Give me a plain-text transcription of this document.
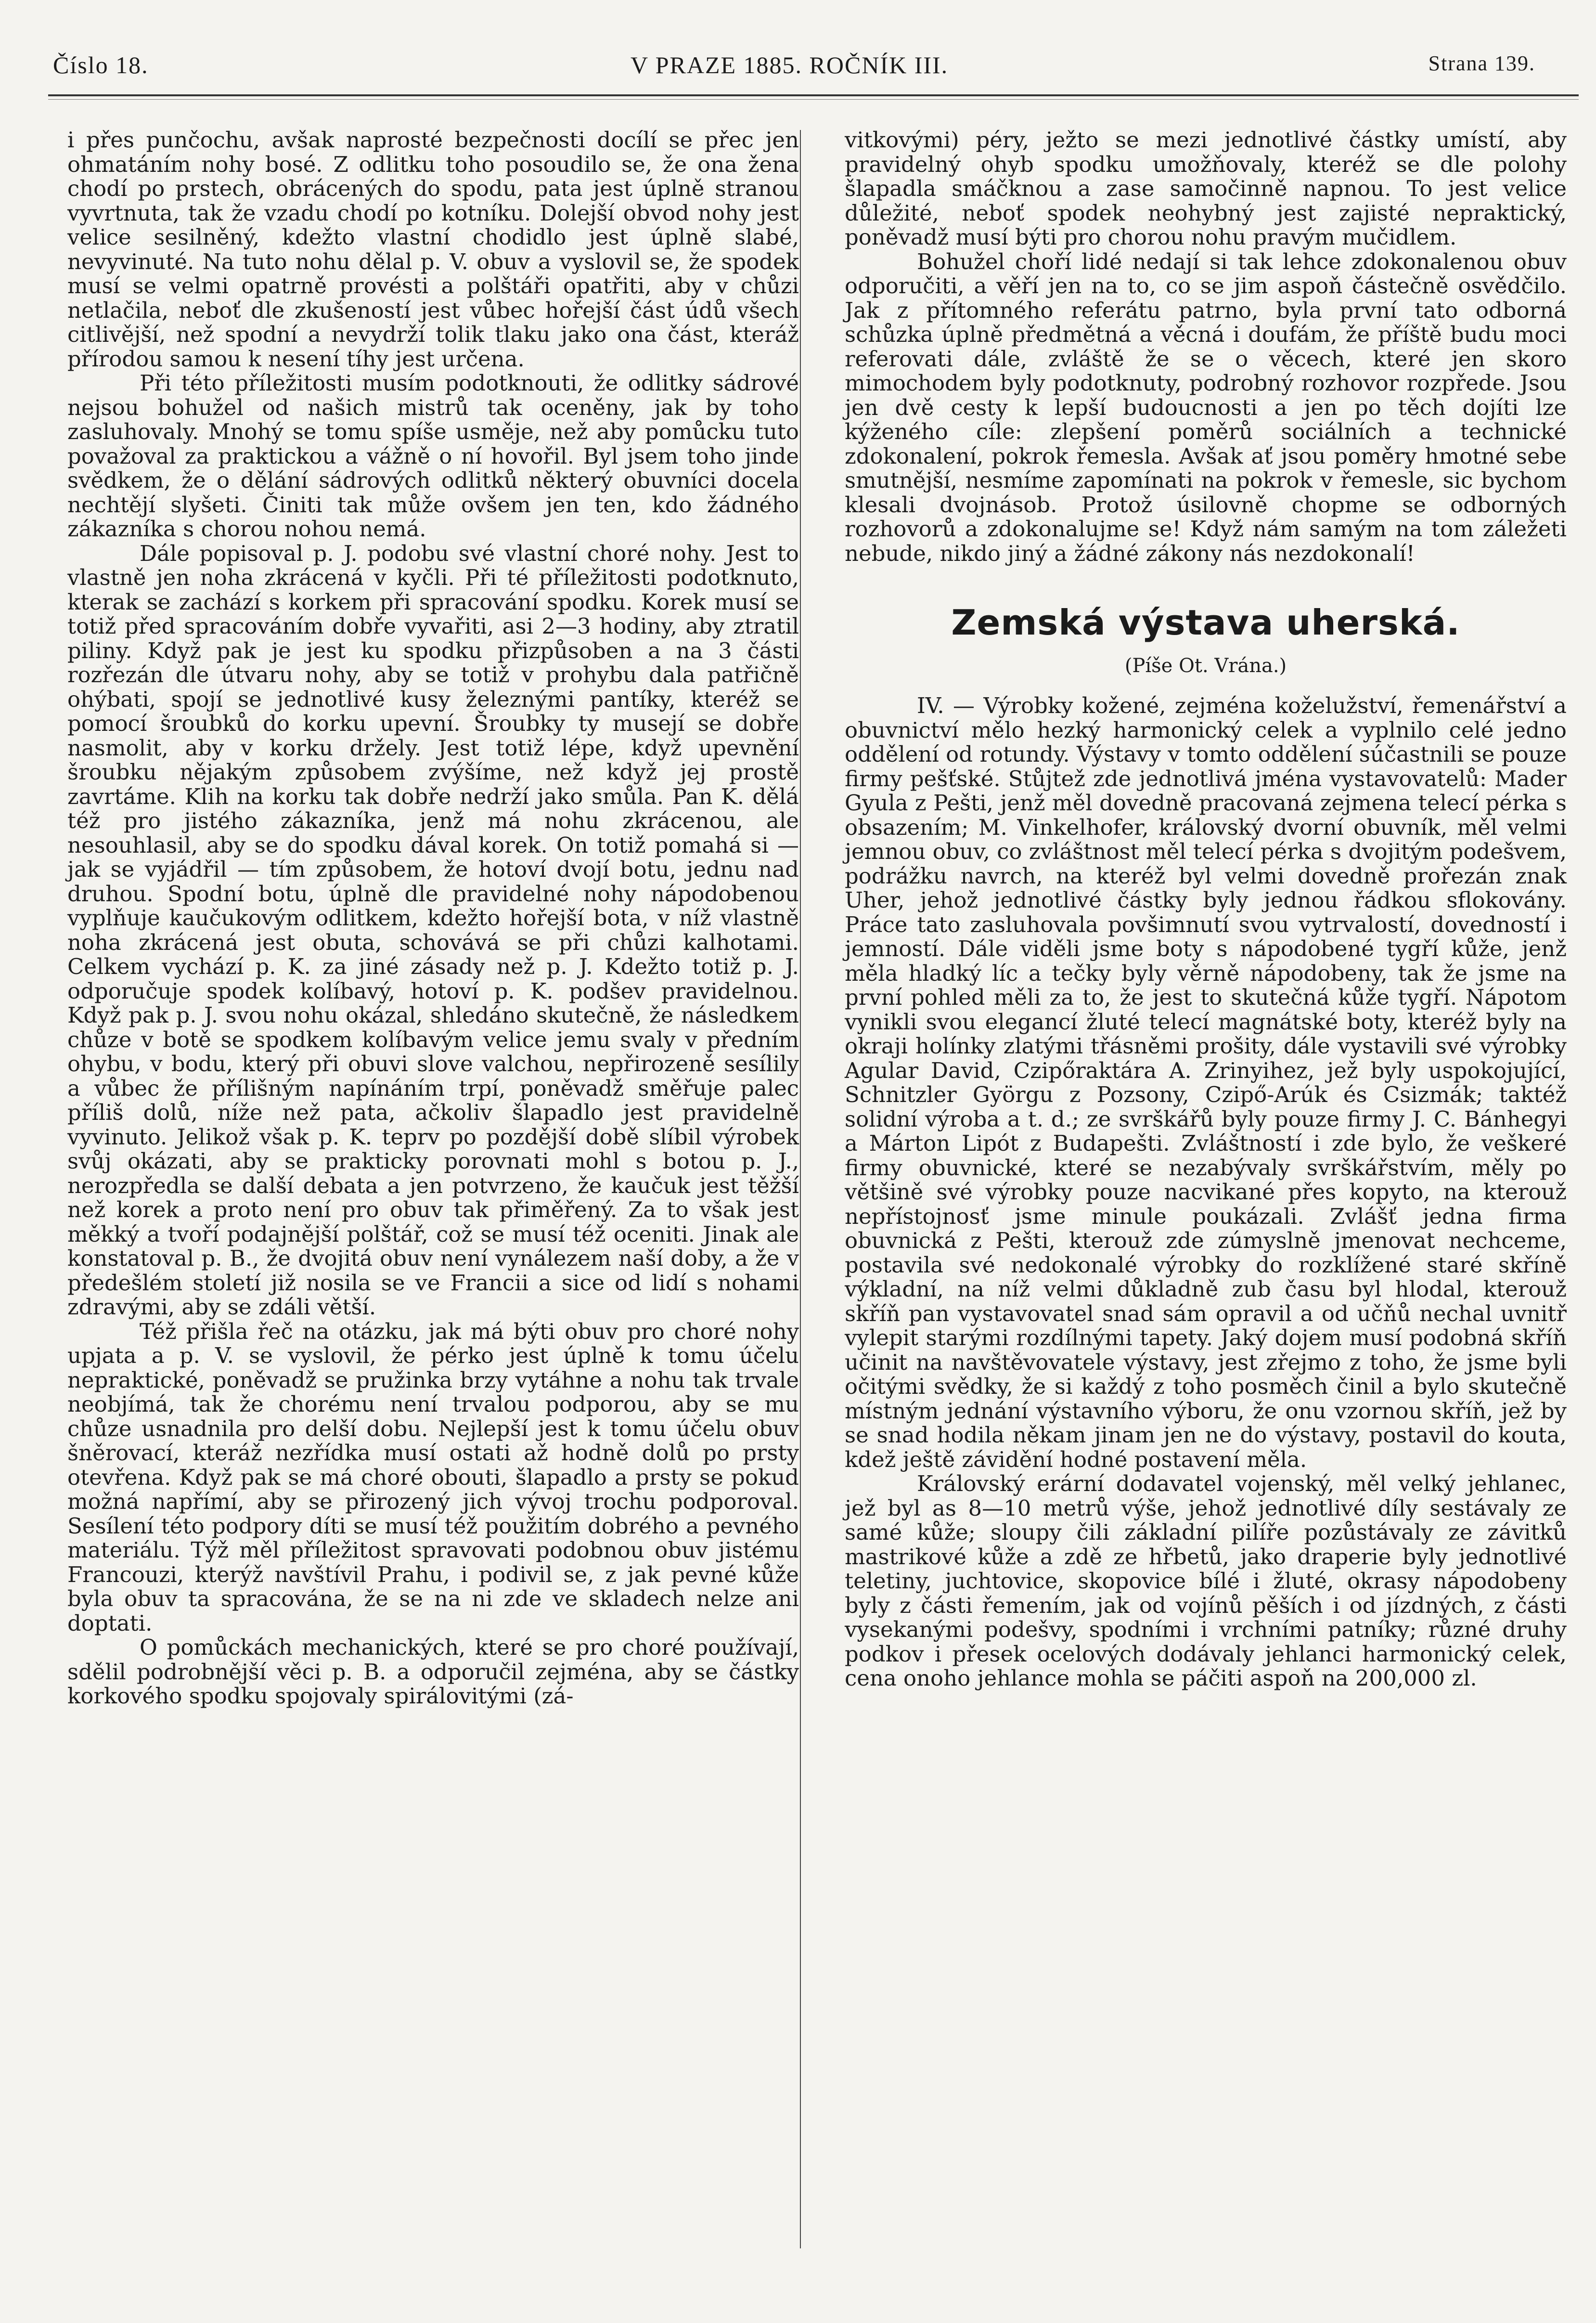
Číslo 18.	V PRAZE 1885. ROČNÍK III.	Strana 139.

i přes punčochu, avšak naprosté bezpečnosti docílí se přec jen ohmatáním nohy bosé. Z odlitku toho posoudilo se, že ona žena chodí po prstech, obrácených do spodu, pata jest úplně stranou vyvrtnuta, tak že vzadu chodí po kotníku. Dolejší obvod nohy jest velice sesilněný, kdežto vlastní chodidlo jest úplně slabé, nevyvinuté. Na tuto nohu dělal p. V. obuv a vyslovil se, že spodek musí se velmi opatrně provésti a polštáři opatřiti, aby v chůzi netlačila, neboť dle zkušeností jest vůbec hořejší část údů všech citlivější, než spodní a nevydrží tolik tlaku jako ona část, kteráž přírodou samou k nesení tíhy jest určena.

Při této příležitosti musím podotknouti, že odlitky sádrové nejsou bohužel od našich mistrů tak oceněny, jak by toho zasluhovaly. Mnohý se tomu spíše usměje, než aby pomůcku tuto považoval za praktickou a vážně o ní hovořil. Byl jsem toho jinde svědkem, že o dělání sádrových odlitků některý obuvníci docela nechtějí slyšeti. Činiti tak může ovšem jen ten, kdo žádného zákazníka s chorou nohou nemá.

Dále popisoval p. J. podobu své vlastní choré nohy. Jest to vlastně jen noha zkrácená v kyčli. Při té příležitosti podotknuto, kterak se zachází s korkem při spracování spodku. Korek musí se totiž před spracováním dobře vyvařiti, asi 2—3 hodiny, aby ztratil piliny. Když pak je jest ku spodku přizpůsoben a na 3 části rozřezán dle útvaru nohy, aby se totiž v prohybu dala patřičně ohýbati, spojí se jednotlivé kusy železnými pantíky, kteréž se pomocí šroubků do korku upevní. Šroubky ty musejí se dobře nasmolit, aby v korku držely. Jest totiž lépe, když upevnění šroubku nějakým způsobem zvýšíme, než když jej prostě zavrtáme. Klih na korku tak dobře nedrží jako smůla. Pan K. dělá též pro jistého zákazníka, jenž má nohu zkrácenou, ale nesouhlasil, aby se do spodku dával korek. On totiž pomahá si — jak se vyjádřil — tím způsobem, že hotoví dvojí botu, jednu nad druhou. Spodní botu, úplně dle pravidelné nohy nápodobenou vyplňuje kaučukovým odlitkem, kdežto hořejší bota, v níž vlastně noha zkrácená jest obuta, schovává se při chůzi kalhotami. Celkem vychází p. K. za jiné zásady než p. J. Kdežto totiž p. J. odporučuje spodek kolíbavý, hotoví p. K. podšev pravidelnou. Když pak p. J. svou nohu okázal, shledáno skutečně, že následkem chůze v botě se spodkem kolíbavým velice jemu svaly v předním ohybu, v bodu, který při obuvi slove valchou, nepřirozeně sesílily a vůbec že přílišným napínáním trpí, poněvadž směřuje palec příliš dolů, níže než pata, ačkoliv šlapadlo jest pravidelně vyvinuto. Jelikož však p. K. teprv po pozdější době slíbil výrobek svůj okázati, aby se prakticky porovnati mohl s botou p. J., nerozpředla se další debata a jen potvrzeno, že kaučuk jest těžší než korek a proto není pro obuv tak přiměřený. Za to však jest měkký a tvoří podajnější polštář, což se musí též oceniti. Jinak ale konstatoval p. B., že dvojitá obuv není vynálezem naší doby, a že v předešlém století již nosila se ve Francii a sice od lidí s nohami zdravými, aby se zdáli větší.

Též přišla řeč na otázku, jak má býti obuv pro choré nohy upjata a p. V. se vyslovil, že pérko jest úplně k tomu účelu nepraktické, poněvadž se pružinka brzy vytáhne a nohu tak trvale neobjímá, tak že chorému není trvalou podporou, aby se mu chůze usnadnila pro delší dobu. Nejlepší jest k tomu účelu obuv šněrovací, kteráž nezřídka musí ostati až hodně dolů po prsty otevřena. Když pak se má choré obouti, šlapadlo a prsty se pokud možná napřímí, aby se přirozený jich vývoj trochu podporoval. Sesílení této podpory díti se musí též použitím dobrého a pevného materiálu. Týž měl příležitost spravovati podobnou obuv jistému Francouzi, kterýž navštívil Prahu, i podivil se, z jak pevné kůže byla obuv ta spracována, že se na ni zde ve skladech nelze ani doptati.

O pomůckách mechanických, které se pro choré používají, sdělil podrobnější věci p. B. a odporučil zejména, aby se částky korkového spodku spojovaly spirálovitými (zá-

vitkovými) péry, ježto se mezi jednotlivé částky umístí, aby pravidelný ohyb spodku umožňovaly, kteréž se dle polohy šlapadla smáčknou a zase samočinně napnou. To jest velice důležité, neboť spodek neohybný jest zajisté nepraktický, poněvadž musí býti pro chorou nohu pravým mučidlem.

Bohužel choří lidé nedají si tak lehce zdokonalenou obuv odporučiti, a věří jen na to, co se jim aspoň částečně osvědčilo. Jak z přítomného referátu patrno, byla první tato odborná schůzka úplně předmětná a věcná i doufám, že příště budu moci referovati dále, zvláště že se o věcech, které jen skoro mimochodem byly podotknuty, podrobný rozhovor rozpřede. Jsou jen dvě cesty k lepší budoucnosti a jen po těch dojíti lze kýženého cíle: zlepšení poměrů sociálních a technické zdokonalení, pokrok řemesla. Avšak ať jsou poměry hmotné sebe smutnější, nesmíme zapomínati na pokrok v řemesle, sic bychom klesali dvojnásob. Protož úsilovně chopme se odborných rozhovorů a zdokonalujme se! Když nám samým na tom záležeti nebude, nikdo jiný a žádné zákony nás nezdokonalí!

Zemská výstava uherská.
(Píše Ot. Vrána.)

IV. — Výrobky kožené, zejména koželužství, řemenářství a obuvnictví mělo hezký harmonický celek a vyplnilo celé jedno oddělení od rotundy. Výstavy v tomto oddělení súčastnili se pouze firmy pešťské. Stůjtež zde jednotlivá jména vystavovatelů: Mader Gyula z Pešti, jenž měl dovedně pracovaná zejmena telecí pérka s obsazením; M. Vinkelhofer, královský dvorní obuvník, měl velmi jemnou obuv, co zvláštnost měl telecí pérka s dvojitým podešvem, podrážku navrch, na kteréž byl velmi dovedně prořezán znak Uher, jehož jednotlivé částky byly jednou řádkou sflokovány. Práce tato zasluhovala povšimnutí svou vytrvalostí, dovedností i jemností. Dále viděli jsme boty s nápodobené tygří kůže, jenž měla hladký líc a tečky byly věrně nápodobeny, tak že jsme na první pohled měli za to, že jest to skutečná kůže tygří. Nápotom vynikli svou elegancí žluté telecí magnátské boty, kteréž byly na okraji holínky zlatými třásněmi prošity, dále vystavili své výrobky Agular David, Czipőraktára A. Zrinyihez, jež byly uspokojující, Schnitzler Györgu z Pozsony, Czipő-Arúk és Csizmák; taktéž solidní výroba a t. d.; ze svrškářů byly pouze firmy J. C. Bánhegyi a Márton Lipót z Budapešti. Zvláštností i zde bylo, že veškeré firmy obuvnické, které se nezabývaly svrškářstvím, měly po většině své výrobky pouze nacvikané přes kopyto, na kterouž nepřístojnosť jsme minule poukázali. Zvlášť jedna firma obuvnická z Pešti, kterouž zde zúmyslně jmenovat nechceme, postavila své nedokonalé výrobky do rozklížené staré skříně výkladní, na níž velmi důkladně zub času byl hlodal, kterouž skříň pan vystavovatel snad sám opravil a od učňů nechal uvnitř vylepit starými rozdílnými tapety. Jaký dojem musí podobná skříň učinit na navštěvovatele výstavy, jest zřejmo z toho, že jsme byli očitými svědky, že si každý z toho posměch činil a bylo skutečně místným jednání výstavního výboru, že onu vzornou skříň, jež by se snad hodila někam jinam jen ne do výstavy, postavil do kouta, kdež ještě závidění hodné postavení měla.

Královský erární dodavatel vojenský, měl velký jehlanec, jež byl as 8—10 metrů výše, jehož jednotlivé díly sestávaly ze samé kůže; sloupy čili základní pilíře pozůstávaly ze závitků mastrikové kůže a zdě ze hřbetů, jako draperie byly jednotlivé teletiny, juchtovice, skopovice bílé i žluté, okrasy nápodobeny byly z části řemením, jak od vojínů pěších i od jízdných, z části vysekanými podešvy, spodními i vrchními patníky; různé druhy podkov i přesek ocelových dodávaly jehlanci harmonický celek, cena onoho jehlance mohla se páčiti aspoň na 200,000 zl.
